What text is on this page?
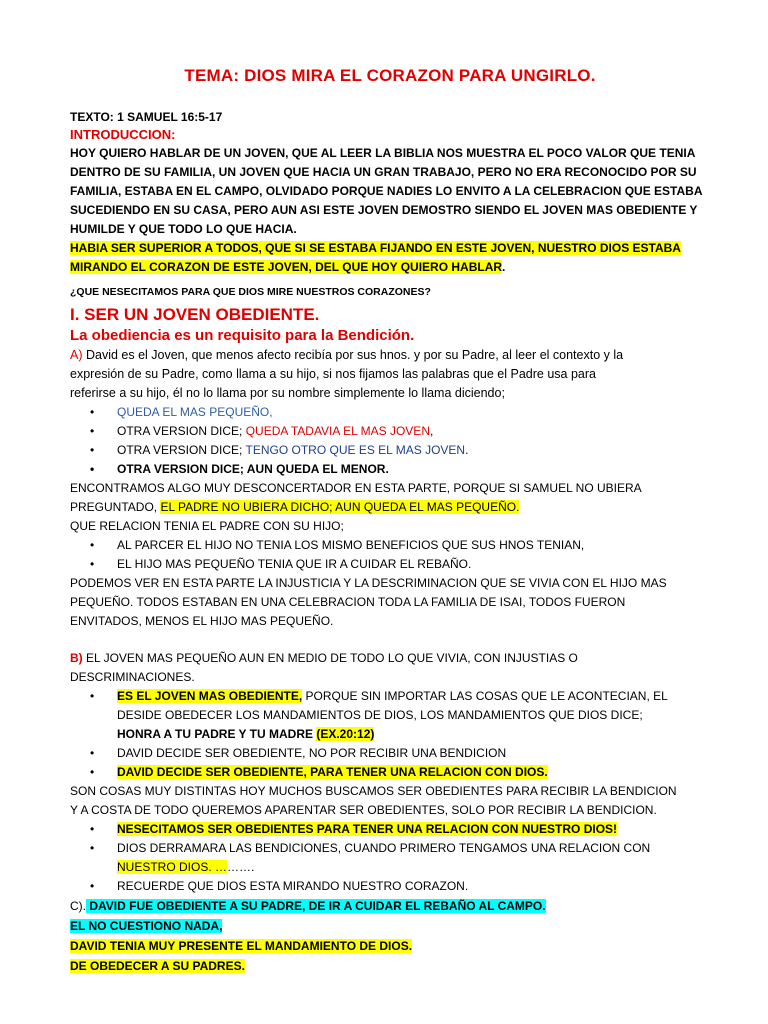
TEMA: DIOS MIRA EL CORAZON PARA UNGIRLO.

TEXTO: 1 SAMUEL 16:5-17

INTRODUCCION:

HOY QUIERO HABLAR DE UN JOVEN, QUE AL LEER LA BIBLIA NOS MUESTRA EL POCO VALOR QUE TENIA

DENTRO DE SU FAMILIA, UN JOVEN QUE HACIA UN GRAN TRABAJO, PERO NO ERA RECONOCIDO POR SU

FAMILIA, ESTABA EN EL CAMPO, OLVIDADO PORQUE NADIES LO ENVITO A LA CELEBRACION QUE ESTABA

SUCEDIENDO EN SU CASA, PERO AUN ASI ESTE JOVEN DEMOSTRO SIENDO EL JOVEN MAS OBEDIENTE Y

HUMILDE Y QUE TODO LO QUE HACIA.

HABIA SER SUPERIOR A TODOS, QUE SI SE ESTABA FIJANDO EN ESTE JOVEN, NUESTRO DIOS ESTABA

MIRANDO EL CORAZON DE ESTE JOVEN, DEL QUE HOY QUIERO HABLAR.

¿QUE NESECITAMOS PARA QUE DIOS MIRE NUESTROS CORAZONES?

I. SER UN JOVEN OBEDIENTE.

La obediencia es un requisito para la Bendición.

A) David es el Joven, que menos afecto recibía por sus hnos. y por su Padre, al leer el contexto y la

expresión de su Padre, como llama a su hijo, si nos fijamos las palabras que el Padre usa para

referirse a su hijo, él no lo llama por su nombre simplemente lo llama diciendo;

• QUEDA EL MAS PEQUEÑO,
• OTRA VERSION DICE; QUEDA TADAVIA EL MAS JOVEN,
• OTRA VERSION DICE; TENGO OTRO QUE ES EL MAS JOVEN.
• OTRA VERSION DICE; AUN QUEDA EL MENOR.

ENCONTRAMOS ALGO MUY DESCONCERTADOR EN ESTA PARTE, PORQUE SI SAMUEL NO UBIERA

PREGUNTADO, EL PADRE NO UBIERA DICHO; AUN QUEDA EL MAS PEQUEÑO.

QUE RELACION TENIA EL PADRE CON SU HIJO;

• AL PARCER EL HIJO NO TENIA LOS MISMO BENEFICIOS QUE SUS HNOS TENIAN,
• EL HIJO MAS PEQUEÑO TENIA QUE IR A CUIDAR EL REBAÑO.

PODEMOS VER EN ESTA PARTE LA INJUSTICIA Y LA DESCRIMINACION QUE SE VIVIA CON EL HIJO MAS

PEQUEÑO. TODOS ESTABAN EN UNA CELEBRACION TODA LA FAMILIA DE ISAI, TODOS FUERON

ENVITADOS, MENOS EL HIJO MAS PEQUEÑO.

B) EL JOVEN MAS PEQUEÑO AUN EN MEDIO DE TODO LO QUE VIVIA, CON INJUSTIAS O

DESCRIMINACIONES.

• ES EL JOVEN MAS OBEDIENTE, PORQUE SIN IMPORTAR LAS COSAS QUE LE ACONTECIAN, EL
DESIDE OBEDECER LOS MANDAMIENTOS DE DIOS, LOS MANDAMIENTOS QUE DIOS DICE;
HONRA A TU PADRE Y TU MADRE (EX.20:12)
• DAVID DECIDE SER OBEDIENTE, NO POR RECIBIR UNA BENDICION
• DAVID DECIDE SER OBEDIENTE, PARA TENER UNA RELACION CON DIOS.

SON COSAS MUY DISTINTAS HOY MUCHOS BUSCAMOS SER OBEDIENTES PARA RECIBIR LA BENDICION

Y A COSTA DE TODO QUEREMOS APARENTAR SER OBEDIENTES, SOLO POR RECIBIR LA BENDICION.

• NESECITAMOS SER OBEDIENTES PARA TENER UNA RELACION CON NUESTRO DIOS!
• DIOS DERRAMARA LAS BENDICIONES, CUANDO PRIMERO TENGAMOS UNA RELACION CON
NUESTRO DIOS. ……….
• RECUERDE QUE DIOS ESTA MIRANDO NUESTRO CORAZON.

C). DAVID FUE OBEDIENTE A SU PADRE, DE IR A CUIDAR EL REBAÑO AL CAMPO.

EL NO CUESTIONO NADA,

DAVID TENIA MUY PRESENTE EL MANDAMIENTO DE DIOS.

DE OBEDECER A SU PADRES.
